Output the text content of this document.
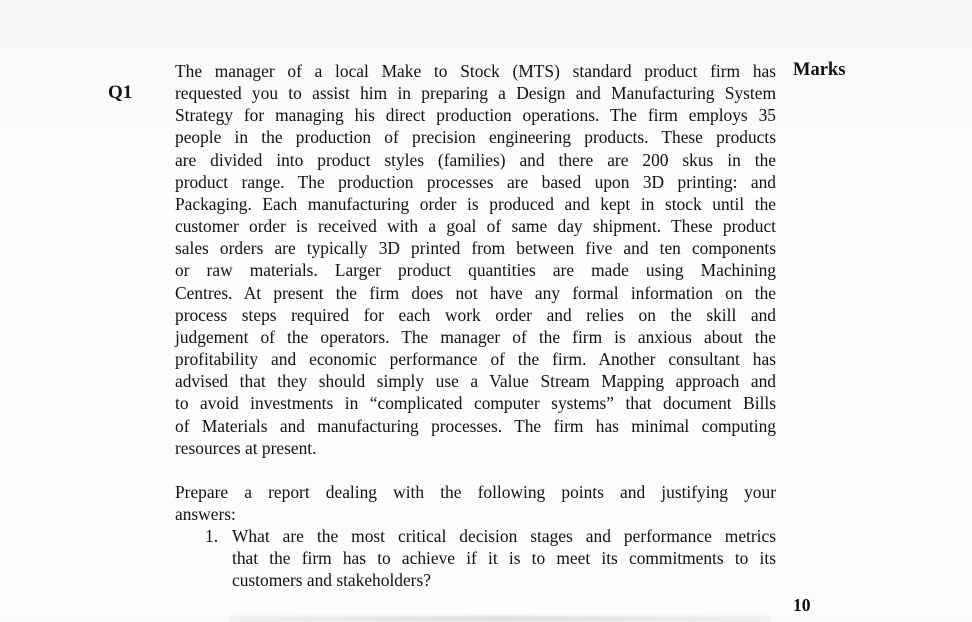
Q1
Marks

The manager of a local Make to Stock (MTS) standard product firm has
requested you to assist him in preparing a Design and Manufacturing System
Strategy for managing his direct production operations. The firm employs 35
people in the production of precision engineering products. These products
are divided into product styles (families) and there are 200 skus in the
product range. The production processes are based upon 3D printing: and
Packaging. Each manufacturing order is produced and kept in stock until the
customer order is received with a goal of same day shipment. These product
sales orders are typically 3D printed from between five and ten components
or raw materials. Larger product quantities are made using Machining
Centres. At present the firm does not have any formal information on the
process steps required for each work order and relies on the skill and
judgement of the operators. The manager of the firm is anxious about the
profitability and economic performance of the firm. Another consultant has
advised that they should simply use a Value Stream Mapping approach and
to avoid investments in “complicated computer systems” that document Bills
of Materials and manufacturing processes. The firm has minimal computing
resources at present.

Prepare a report dealing with the following points and justifying your
answers:

1. What are the most critical decision stages and performance metrics
that the firm has to achieve if it is to meet its commitments to its
customers and stakeholders?
10
